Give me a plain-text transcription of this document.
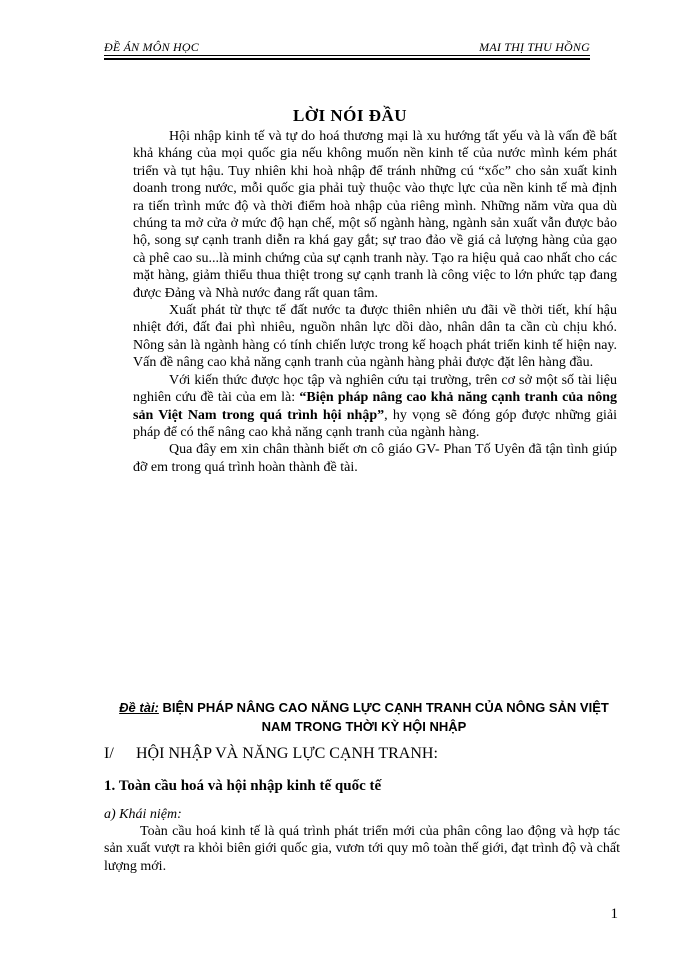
ĐỀ ÁN MÔN HỌC	MAI THỊ THU HỒNG
LỜI NÓI ĐẦU

Hội nhập kinh tế và tự do hoá thương mại là xu hướng tất yếu và là vấn đề bất khả kháng của mọi quốc gia nếu không muốn nền kinh tế của nước mình kém phát triển và tụt hậu. Tuy nhiên khi hoà nhập để tránh những cú “xốc” cho sản xuất kinh doanh trong nước, mỗi quốc gia phải tuỳ thuộc vào thực lực của nền kinh tế mà định ra tiến trình mức độ và thời điểm hoà nhập của riêng mình. Những năm vừa qua dù chúng ta mở cửa ở mức độ hạn chế, một số ngành hàng, ngành sản xuất vẫn được bảo hộ, song sự cạnh tranh diễn ra khá gay gắt; sự trao đảo về giá cả lượng hàng của gạo cà phê cao su...là minh chứng của sự cạnh tranh này. Tạo ra hiệu quả cao nhất cho các mặt hàng, giảm thiểu thua thiệt trong sự cạnh tranh là công việc to lớn phức tạp đang được Đảng và Nhà nước đang rất quan tâm.

Xuất phát từ thực tế đất nước ta được thiên nhiên ưu đãi về thời tiết, khí hậu nhiệt đới, đất đai phì nhiêu, nguồn nhân lực dồi dào, nhân dân ta cần cù chịu khó. Nông sản là ngành hàng có tính chiến lược trong kế hoạch phát triển kinh tế hiện nay. Vấn đề nâng cao khả năng cạnh tranh của ngành hàng phải được đặt lên hàng đầu.

Với kiến thức được học tập và nghiên cứu tại trường, trên cơ sở một số tài liệu nghiên cứu đề tài của em là: “Biện pháp nâng cao khả năng cạnh tranh của nông sản Việt Nam trong quá trình hội nhập”, hy vọng sẽ đóng góp được những giải pháp để có thể nâng cao khả năng cạnh tranh của ngành hàng.

Qua đây em xin chân thành biết ơn cô giáo GV- Phan Tố Uyên đã tận tình giúp đỡ em trong quá trình hoàn thành đề tài.

Đề tài: BIỆN PHÁP NÂNG CAO NĂNG LỰC CẠNH TRANH CỦA NÔNG SẢN VIỆT NAM TRONG THỜI KỲ HỘI NHẬP
I/ HỘI NHẬP VÀ NĂNG LỰC CẠNH TRANH:
1. Toàn cầu hoá và hội nhập kinh tế quốc tế
a) Khái niệm:

Toàn cầu hoá kinh tế là quá trình phát triển mới của phân công lao động và hợp tác sản xuất vượt ra khỏi biên giới quốc gia, vươn tới quy mô toàn thế giới, đạt trình độ và chất lượng mới.

1
